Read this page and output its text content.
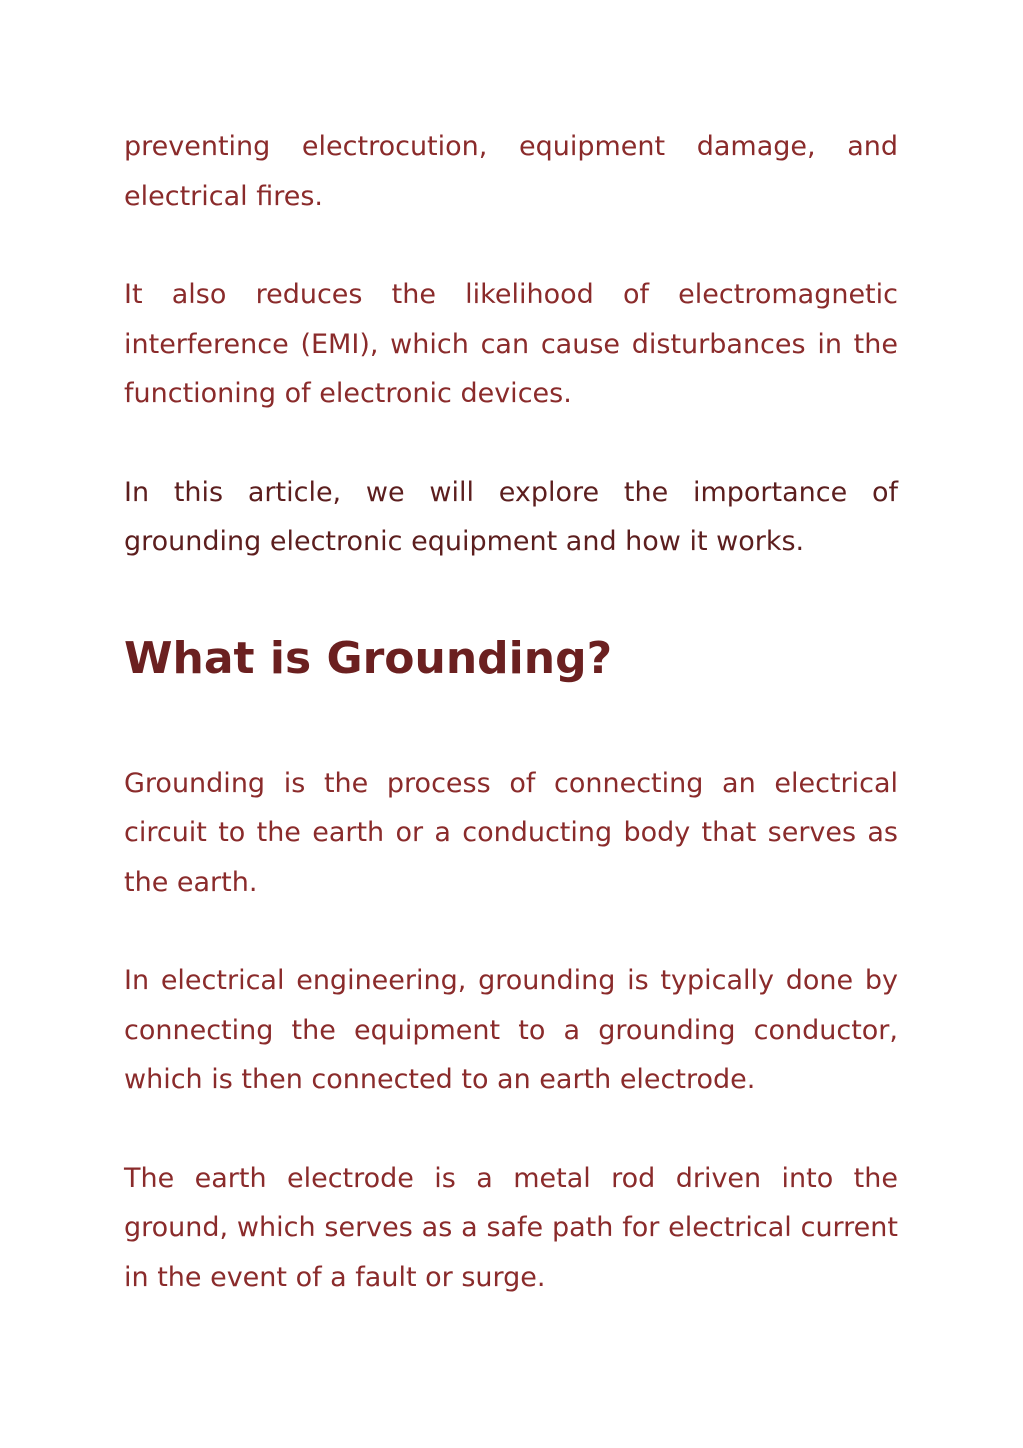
preventing electrocution, equipment damage, and electrical fires.

It also reduces the likelihood of electromagnetic interference (EMI), which can cause disturbances in the functioning of electronic devices.

In this article, we will explore the importance of grounding electronic equipment and how it works.

What is Grounding?

Grounding is the process of connecting an electrical circuit to the earth or a conducting body that serves as the earth.

In electrical engineering, grounding is typically done by connecting the equipment to a grounding conductor, which is then connected to an earth electrode.

The earth electrode is a metal rod driven into the ground, which serves as a safe path for electrical current in the event of a fault or surge.
